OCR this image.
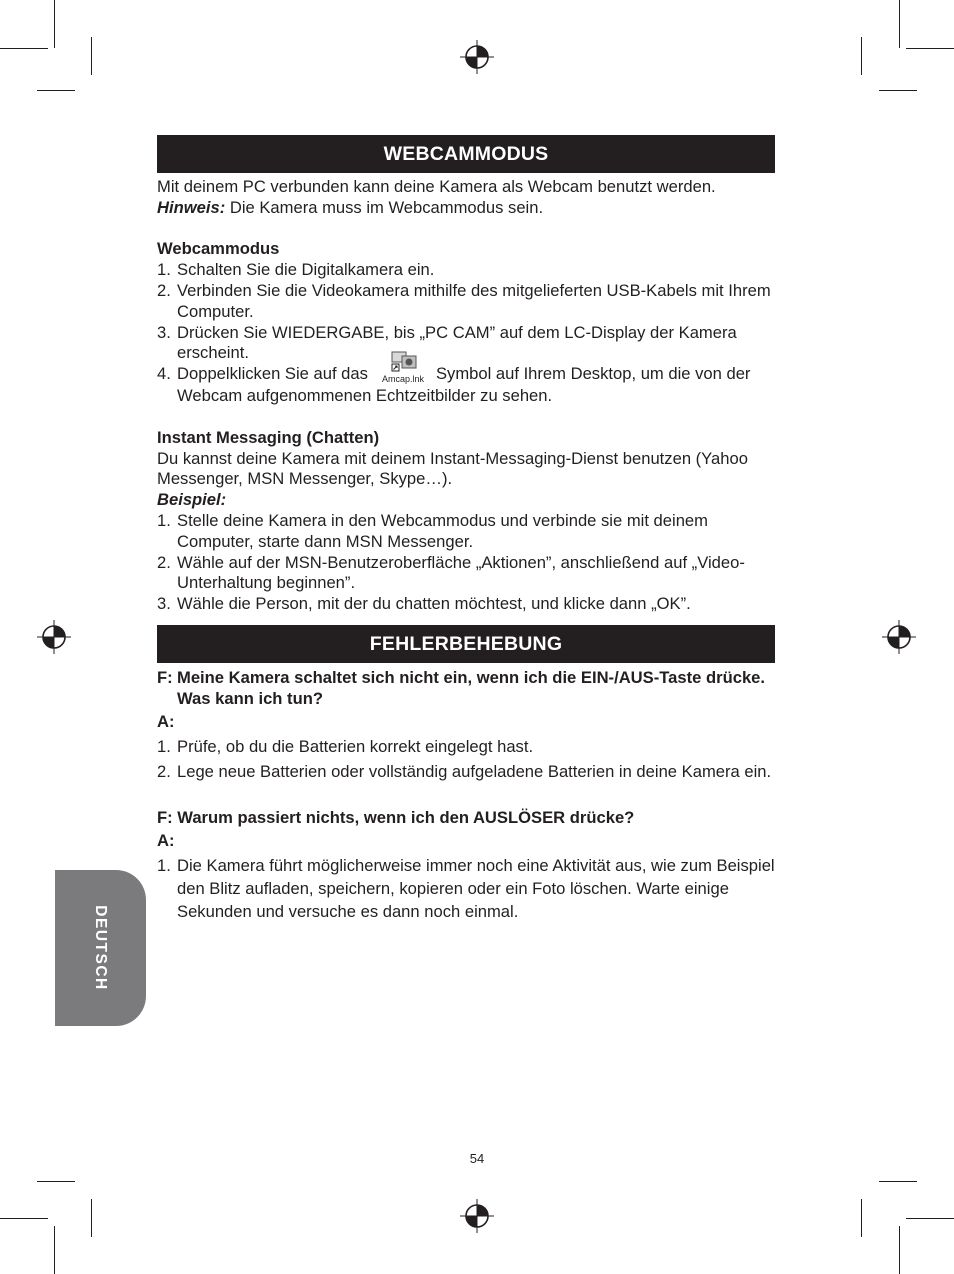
WEBCAMMODUS

Mit deinem PC verbunden kann deine Kamera als Webcam benutzt werden.

Hinweis: Die Kamera muss im Webcammodus sein.

Webcammodus

1. Schalten Sie die Digitalkamera ein.
2. Verbinden Sie die Videokamera mithilfe des mitgelieferten USB-Kabels mit Ihrem Computer.
3. Drücken Sie WIEDERGABE, bis „PC CAM” auf dem LC-Display der Kamera erscheint.
4. Doppelklicken Sie auf das	Amcap.lnk Symbol auf Ihrem Desktop, um die von der Webcam aufgenommenen Echtzeitbilder zu sehen.

Instant Messaging (Chatten)

Du kannst deine Kamera mit deinem Instant-Messaging-Dienst benutzen (Yahoo Messenger, MSN Messenger, Skype…).

Beispiel:

1. Stelle deine Kamera in den Webcammodus und verbinde sie mit deinem Computer, starte dann MSN Messenger.
2. Wähle auf der MSN-Benutzeroberfläche „Aktionen”, anschließend auf „Video-Unterhaltung beginnen”.
3. Wähle die Person, mit der du chatten möchtest, und klicke dann „OK”.
FEHLERBEHEBUNG
F: Meine Kamera schaltet sich nicht ein, wenn ich die EIN-/AUS-Taste drücke. Was kann ich tun?

A:

1. Prüfe, ob du die Batterien korrekt eingelegt hast.
2. Lege neue Batterien oder vollständig aufgeladene Batterien in deine Kamera ein.

F: Warum passiert nichts, wenn ich den AUSLÖSER drücke?

A:

1. Die Kamera führt möglicherweise immer noch eine Aktivität aus, wie zum Beispiel den Blitz aufladen, speichern, kopieren oder ein Foto löschen. Warte einige Sekunden und versuche es dann noch einmal.
DEUTSCH
54
